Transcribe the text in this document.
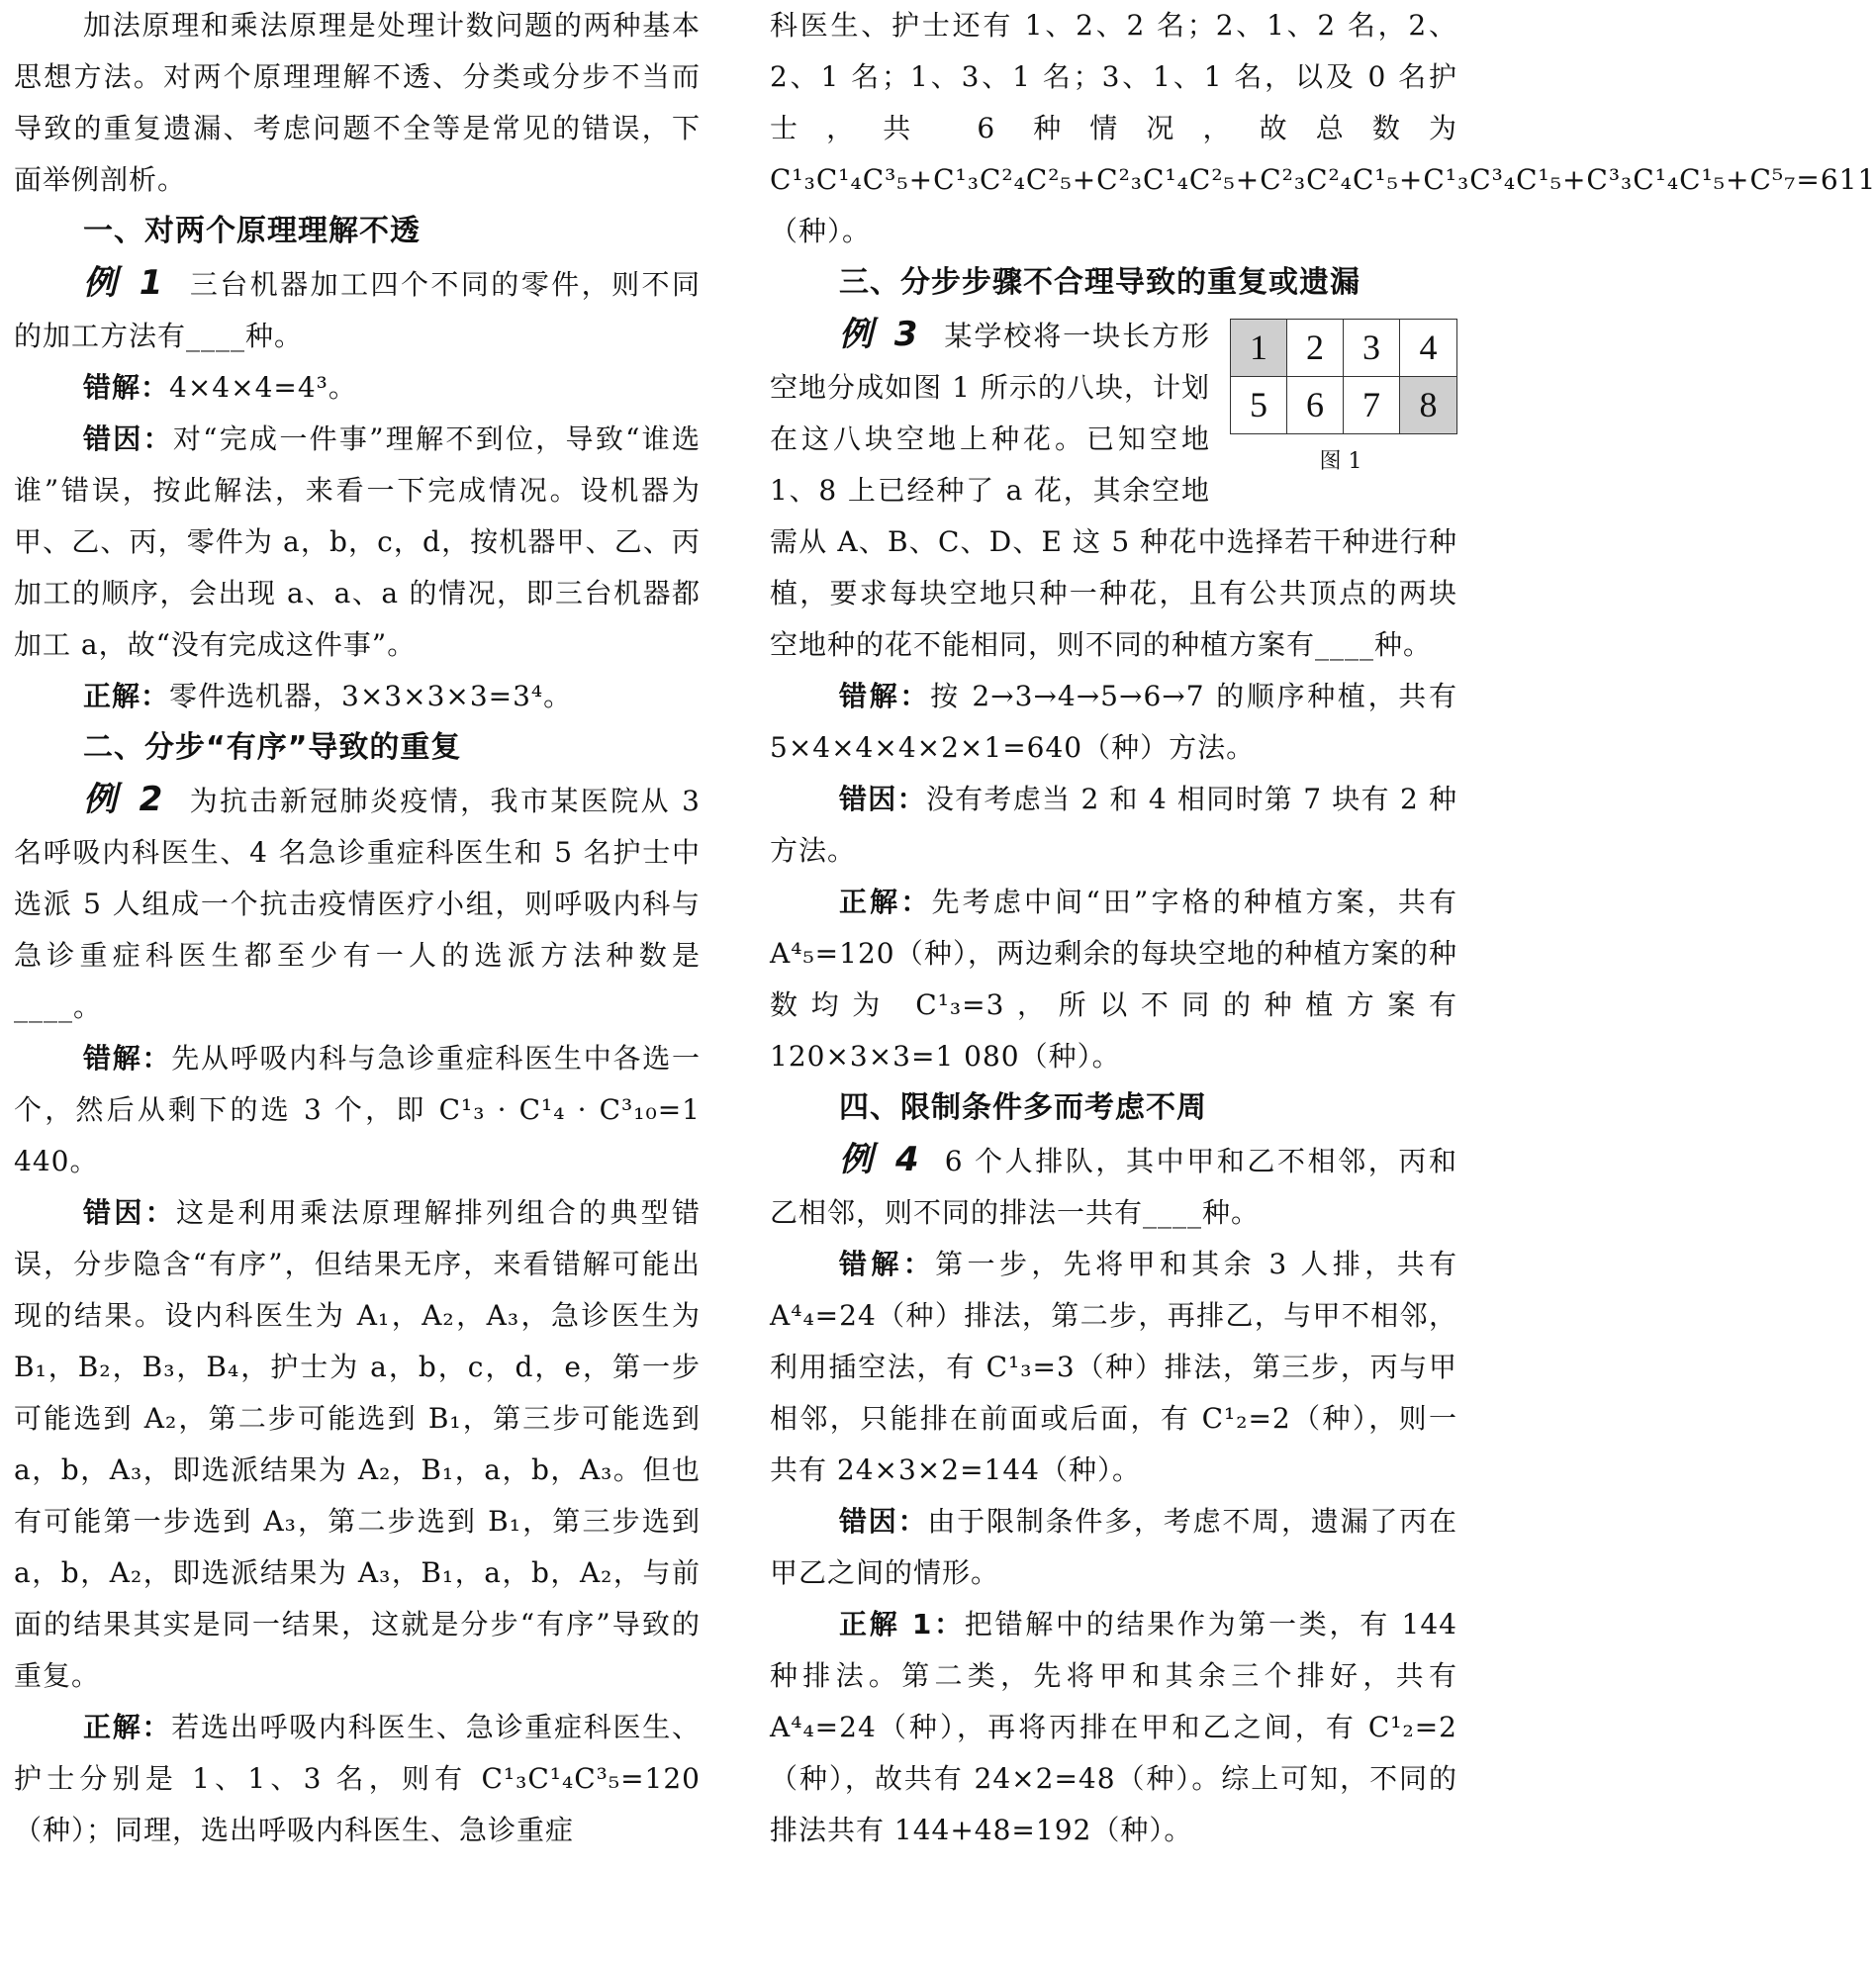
加法原理和乘法原理是处理计数问题的两种基本思想方法。对两个原理理解不透、分类或分步不当而导致的重复遗漏、考虑问题不全等是常见的错误，下面举例剖析。

一、对两个原理理解不透

例 1 三台机器加工四个不同的零件，则不同的加工方法有____种。

错解：4×4×4=4³。

错因：对“完成一件事”理解不到位，导致“谁选谁”错误，按此解法，来看一下完成情况。设机器为甲、乙、丙，零件为 a，b，c，d，按机器甲、乙、丙加工的顺序，会出现 a、a、a 的情况，即三台机器都加工 a，故“没有完成这件事”。

正解：零件选机器，3×3×3×3=3⁴。

二、分步“有序”导致的重复

例 2 为抗击新冠肺炎疫情，我市某医院从 3 名呼吸内科医生、4 名急诊重症科医生和 5 名护士中选派 5 人组成一个抗击疫情医疗小组，则呼吸内科与急诊重症科医生都至少有一人的选派方法种数是____。

错解：先从呼吸内科与急诊重症科医生中各选一个，然后从剩下的选 3 个，即 C¹₃ · C¹₄ · C³₁₀=1 440。

错因：这是利用乘法原理解排列组合的典型错误，分步隐含“有序”，但结果无序，来看错解可能出现的结果。设内科医生为 A₁，A₂，A₃，急诊医生为 B₁，B₂，B₃，B₄，护士为 a，b，c，d，e，第一步可能选到 A₂，第二步可能选到 B₁，第三步可能选到 a，b，A₃，即选派结果为 A₂，B₁，a，b，A₃。但也有可能第一步选到 A₃，第二步选到 B₁，第三步选到 a，b，A₂，即选派结果为 A₃，B₁，a，b，A₂，与前面的结果其实是同一结果，这就是分步“有序”导致的重复。

正解：若选出呼吸内科医生、急诊重症科医生、护士分别是 1、1、3 名，则有 C¹₃C¹₄C³₅=120（种）；同理，选出呼吸内科医生、急诊重症

科医生、护士还有 1、2、2 名；2、1、2 名，2、2、1 名；1、3、1 名；3、1、1 名，以及 0 名护士，共 6 种情况，故总数为 C¹₃C¹₄C³₅+C¹₃C²₄C²₅+C²₃C¹₄C²₅+C²₃C²₄C¹₅+C¹₃C³₄C¹₅+C³₃C¹₄C¹₅+C⁵₇=611（种）。

三、分步步骤不合理导致的重复或遗漏
1	2	3	4
5	6	7	8
图 1

例 3 某学校将一块长方形空地分成如图 1 所示的八块，计划在这八块空地上种花。已知空地 1、8 上已经种了 a 花，其余空地需从 A、B、C、D、E 这 5 种花中选择若干种进行种植，要求每块空地只种一种花，且有公共顶点的两块空地种的花不能相同，则不同的种植方案有____种。

错解：按 2→3→4→5→6→7 的顺序种植，共有 5×4×4×4×2×1=640（种）方法。

错因：没有考虑当 2 和 4 相同时第 7 块有 2 种方法。

正解：先考虑中间“田”字格的种植方案，共有 A⁴₅=120（种），两边剩余的每块空地的种植方案的种数均为 C¹₃=3，所以不同的种植方案有 120×3×3=1 080（种）。

四、限制条件多而考虑不周

例 4 6 个人排队，其中甲和乙不相邻，丙和乙相邻，则不同的排法一共有____种。

错解：第一步，先将甲和其余 3 人排，共有 A⁴₄=24（种）排法，第二步，再排乙，与甲不相邻，利用插空法，有 C¹₃=3（种）排法，第三步，丙与甲相邻，只能排在前面或后面，有 C¹₂=2（种），则一共有 24×3×2=144（种）。

错因：由于限制条件多，考虑不周，遗漏了丙在甲乙之间的情形。

正解 1：把错解中的结果作为第一类，有 144 种排法。第二类，先将甲和其余三个排好，共有 A⁴₄=24（种），再将丙排在甲和乙之间，有 C¹₂=2（种），故共有 24×2=48（种）。综上可知，不同的排法共有 144+48=192（种）。
